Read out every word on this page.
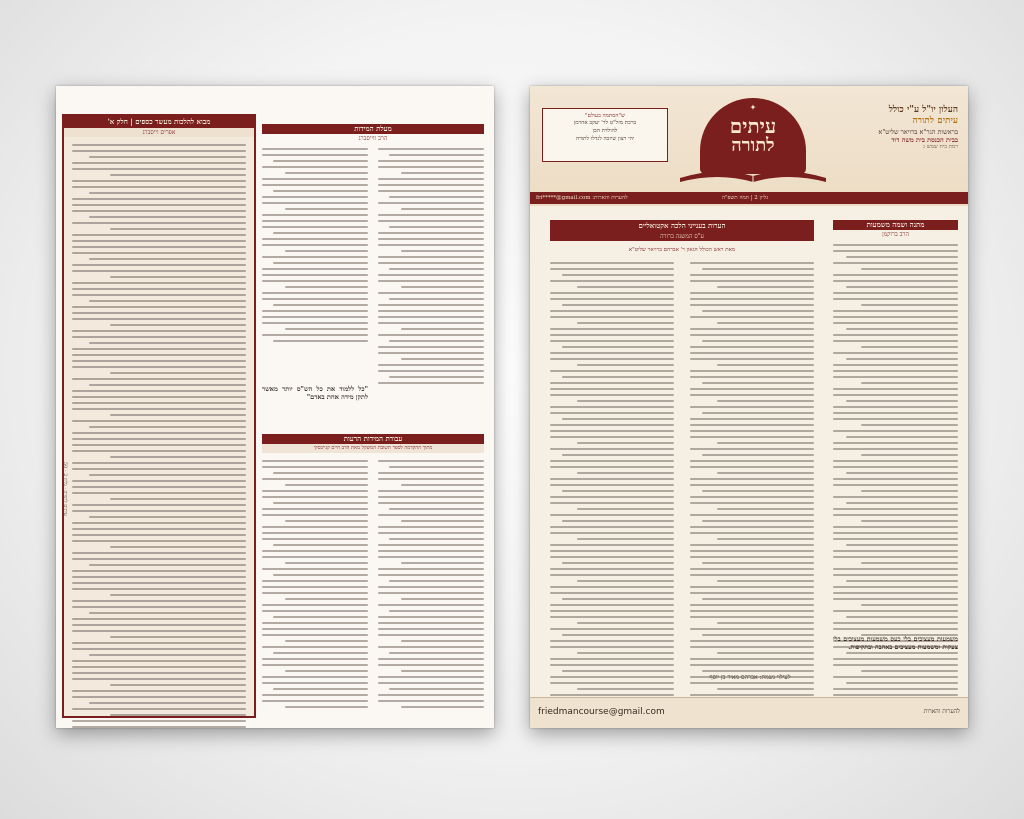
מבוא להלכות מעשר כספים | חלק א'
אפרים וייסברג	מעלת המידות
הרב ווייסברג
"כל ללמוד את כל הש"ס יותר מאשר לתקן מידה אחת באדם"
עבודת המידות הרעות
מתוך ההקדמה לספר תשובת המשקל מאת הרב חיים קנייבסקי
עיתים לתורה · גליון 2 · 50
העלון יו"ל ע"י כולל
עיתים לתורה
בראשות הגר"א ברויאר שליט"א
בבית הכנסת בית משה דוד
רמת בית שמש ג
✦
עיתים
לתורה
ש"הסתמה בעולם"
ברכת מזל"ט לר' יעקב אהרמן
להולדת הבן
יהי רצון שיזכה לגדלו לתורה
גליון 2 | תמוז תשפ"ה
להערות והארות: fri*****@gmail.com
מתנה ושמה משמעות
הרב ברוקמן
משמעות מעציבים בלי כעס משמעות מעציבים בלי צעקות ומשמעות מעציבים באהבה ובתקיפות.
הערות בענייני הלכה אקטואליים
ע"ס המשנה ברורה
מאת ראש הכולל הגאון ר' אברהם ברויאר שליט"א
לעילוי נשמת: אברהם מאיר בן יוסף
friedmancourse@gmail.com	להערות והארות
